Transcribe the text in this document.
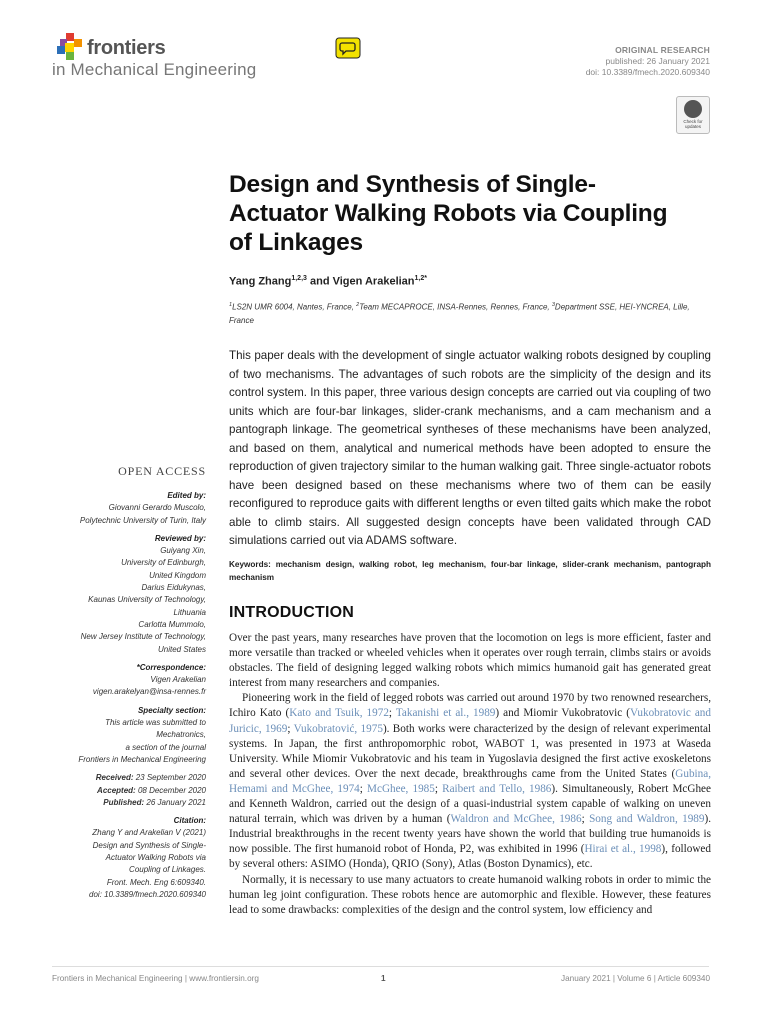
frontiers
in Mechanical Engineering
ORIGINAL RESEARCH
published: 26 January 2021
doi: 10.3389/fmech.2020.609340
Check for updates
Design and Synthesis of Single-Actuator Walking Robots via Coupling of Linkages
Yang Zhang$^{1,2,3}$ and Vigen Arakelian$^{1,2*}$
$^1$LS2N UMR 6004, Nantes, France, $^2$Team MECAPROCE, INSA-Rennes, Rennes, France, $^3$Department SSE, HEI-YNCREA, Lille, France
This paper deals with the development of single actuator walking robots designed by coupling of two mechanisms. The advantages of such robots are the simplicity of the design and its control system. In this paper, three various design concepts are carried out via coupling of two units which are four-bar linkages, slider-crank mechanisms, and a cam mechanism and a pantograph linkage. The geometrical syntheses of these mechanisms have been analyzed, and based on them, analytical and numerical methods have been adopted to ensure the reproduction of given trajectory similar to the human walking gait. Three single-actuator robots have been designed based on these mechanisms where two of them can be easily reconfigured to reproduce gaits with different lengths or even tilted gaits which make the robot able to climb stairs. All suggested design concepts have been validated through CAD simulations carried out via ADAMS software.
Keywords: mechanism design, walking robot, leg mechanism, four-bar linkage, slider-crank mechanism, pantograph mechanism
INTRODUCTION

Over the past years, many researches have proven that the locomotion on legs is more efficient, faster and more versatile than tracked or wheeled vehicles when it operates over rough terrain, climbs stairs or avoids obstacles. The field of designing legged walking robots which mimics humanoid gait has generated great interest from many researchers and companies.

Pioneering work in the field of legged robots was carried out around 1970 by two renowned researchers, Ichiro Kato (Kato and Tsuik, 1972; Takanishi et al., 1989) and Miomir Vukobratovic (Vukobratovic and Juricic, 1969; Vukobratović, 1975). Both works were characterized by the design of relevant experimental systems. In Japan, the first anthropomorphic robot, WABOT 1, was presented in 1973 at Waseda University. While Miomir Vukobratovic and his team in Yugoslavia designed the first active exoskeletons and several other devices. Over the next decade, breakthroughs came from the United States (Gubina, Hemami and McGhee, 1974; McGhee, 1985; Raibert and Tello, 1986). Simultaneously, Robert McGhee and Kenneth Waldron, carried out the design of a quasi-industrial system capable of walking on uneven natural terrain, which was driven by a human (Waldron and McGhee, 1986; Song and Waldron, 1989). Industrial breakthroughs in the recent twenty years have shown the world that building true humanoids is now possible. The first humanoid robot of Honda, P2, was exhibited in 1996 (Hirai et al., 1998), followed by several others: ASIMO (Honda), QRIO (Sony), Atlas (Boston Dynamics), etc.

Normally, it is necessary to use many actuators to create humanoid walking robots in order to mimic the human leg joint configuration. These robots hence are automorphic and flexible. However, these features lead to some drawbacks: complexities of the design and the control system, low efficiency and

OPEN ACCESS
Edited by:
Giovanni Gerardo Muscolo,
Polytechnic University of Turin, Italy
Reviewed by:
Guiyang Xin,
University of Edinburgh,
United Kingdom
Darius Eidukynas,
Kaunas University of Technology,
Lithuania
Carlotta Mummolo,
New Jersey Institute of Technology,
United States
*Correspondence:
Vigen Arakelian
vigen.arakelyan@insa-rennes.fr
Specialty section:
This article was submitted to
Mechatronics,
a section of the journal
Frontiers in Mechanical Engineering
Received: 23 September 2020
Accepted: 08 December 2020
Published: 26 January 2021
Citation:
Zhang Y and Arakelian V (2021)
Design and Synthesis of Single-
Actuator Walking Robots via
Coupling of Linkages.
Front. Mech. Eng 6:609340.
doi: 10.3389/fmech.2020.609340
Frontiers in Mechanical Engineering | www.frontiersin.org	1	January 2021 | Volume 6 | Article 609340
